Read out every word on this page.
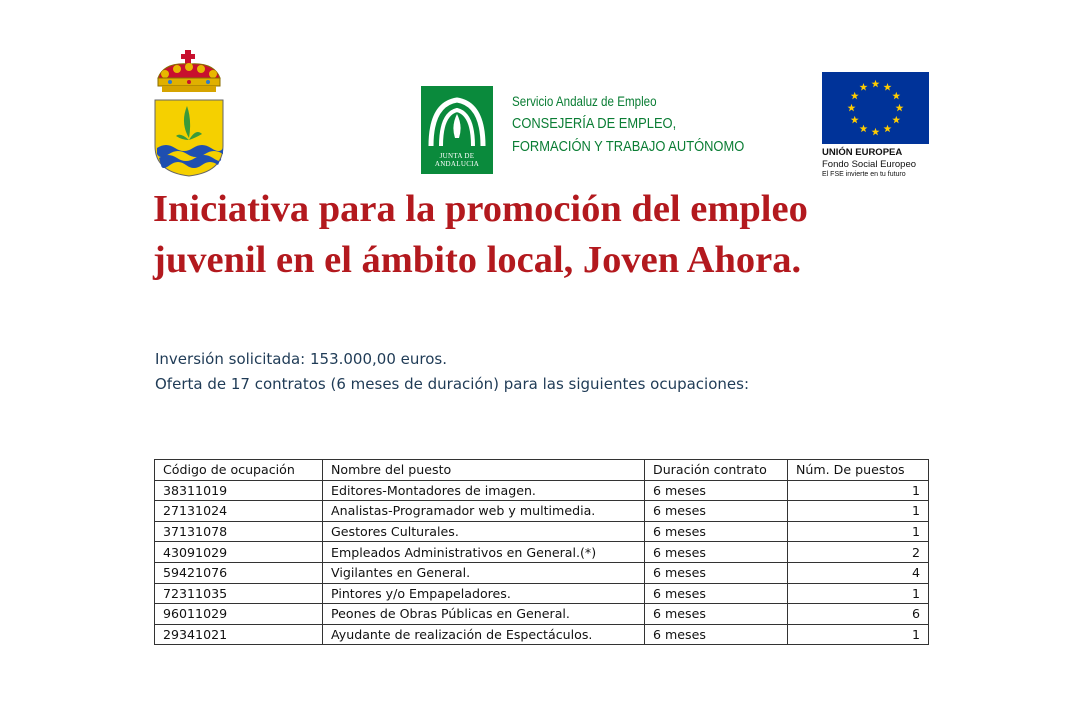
JUNTA DE ANDALUCIA
Servicio Andaluz de Empleo
CONSEJERÍA DE EMPLEO,
FORMACIÓN Y TRABAJO AUTÓNOMO	UNIÓN EUROPEA
Fondo Social Europeo
El FSE invierte en tu futuro
Iniciativa para la promoción del empleo
juvenil en el ámbito local, Joven Ahora.
Inversión solicitada: 153.000,00 euros.
Oferta de 17 contratos (6 meses de duración) para las siguientes ocupaciones:
Código de ocupación	Nombre del puesto	Duración contrato	Núm. De puestos
38311019	Editores-Montadores de imagen.	6 meses	1
27131024	Analistas-Programador web y multimedia.	6 meses	1
37131078	Gestores Culturales.	6 meses	1
43091029	Empleados Administrativos en General.(*)	6 meses	2
59421076	Vigilantes en General.	6 meses	4
72311035	Pintores y/o Empapeladores.	6 meses	1
96011029	Peones de Obras Públicas en General.	6 meses	6
29341021	Ayudante de realización de Espectáculos.	6 meses	1
